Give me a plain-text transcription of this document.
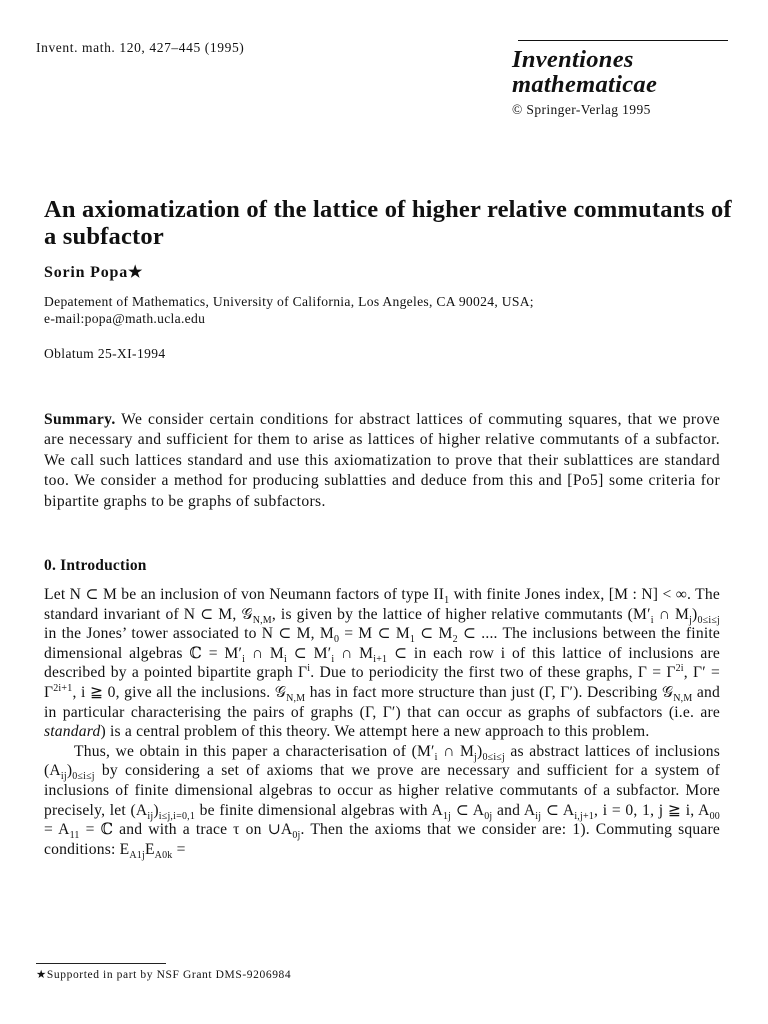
Invent. math. 120, 427–445 (1995)	Inventiones
mathematicae
© Springer-Verlag 1995
An axiomatization of the lattice of higher relative commutants of a subfactor
Sorin Popa★
Depatement of Mathematics, University of California, Los Angeles, CA 90024, USA;
e-mail:popa@math.ucla.edu
Oblatum 25-XI-1994
Summary. We consider certain conditions for abstract lattices of commuting squares, that we prove are necessary and sufficient for them to arise as lattices of higher relative commutants of a subfactor. We call such lattices standard and use this axiomatization to prove that their sublattices are standard too. We consider a method for producing sublatties and deduce from this and [Po5] some criteria for bipartite graphs to be graphs of subfactors.
0. Introduction

Let N ⊂ M be an inclusion of von Neumann factors of type $II_1$ with finite Jones index, [M : N] < ∞. The standard invariant of N ⊂ M, 𝒢$_{N,M}$, is given by the lattice of higher relative commutants ($M'_i$ ∩ $M_j)_{0\le i\le j}$ in the Jones’ tower associated to N ⊂ M, $M_0 = M$ ⊂ $M_1$ ⊂ $M_2$ ⊂ .... The inclusions between the finite dimensional algebras ℂ = $M'_i$ ∩ $M_i$ ⊂ $M'_i$ ∩ $M_{i+1}$ ⊂ in each row i of this lattice of inclusions are described by a pointed bipartite graph $\Gamma^i$. Due to periodicity the first two of these graphs, $\Gamma = \Gamma^{2i}$, $\Gamma' = \Gamma^{2i+1}$, i ≧ 0, give all the inclusions. 𝒢$_{N,M}$ has in fact more structure than just (Γ, Γ′). Describing 𝒢$_{N,M}$ and in particular characterising the pairs of graphs (Γ, Γ′) that can occur as graphs of subfactors (i.e. are standard) is a central problem of this theory. We attempt here a new approach to this problem.

Thus, we obtain in this paper a characterisation of ($M'_i$ ∩ $M_j)_{0\le i\le j}$ as abstract lattices of inclusions $(A_{ij})_{0\le i\le j}$ by considering a set of axioms that we prove are necessary and sufficient for a system of inclusions of finite dimensional algebras to occur as higher relative commutants of a subfactor. More precisely, let $(A_{ij})_{i\le j,i=0,1}$ be finite dimensional algebras with $A_{1j}$ ⊂ $A_{0j}$ and $A_{ij}$ ⊂ $A_{i,j+1}$, i = 0, 1, j ≧ i, $A_{00} = A_{11}$ = ℂ and with a trace τ on $\cup A_{0j}$. Then the axioms that we consider are: 1). Commuting square conditions: $E_{A1j}E_{A0k}$ =

★Supported in part by NSF Grant DMS-9206984
